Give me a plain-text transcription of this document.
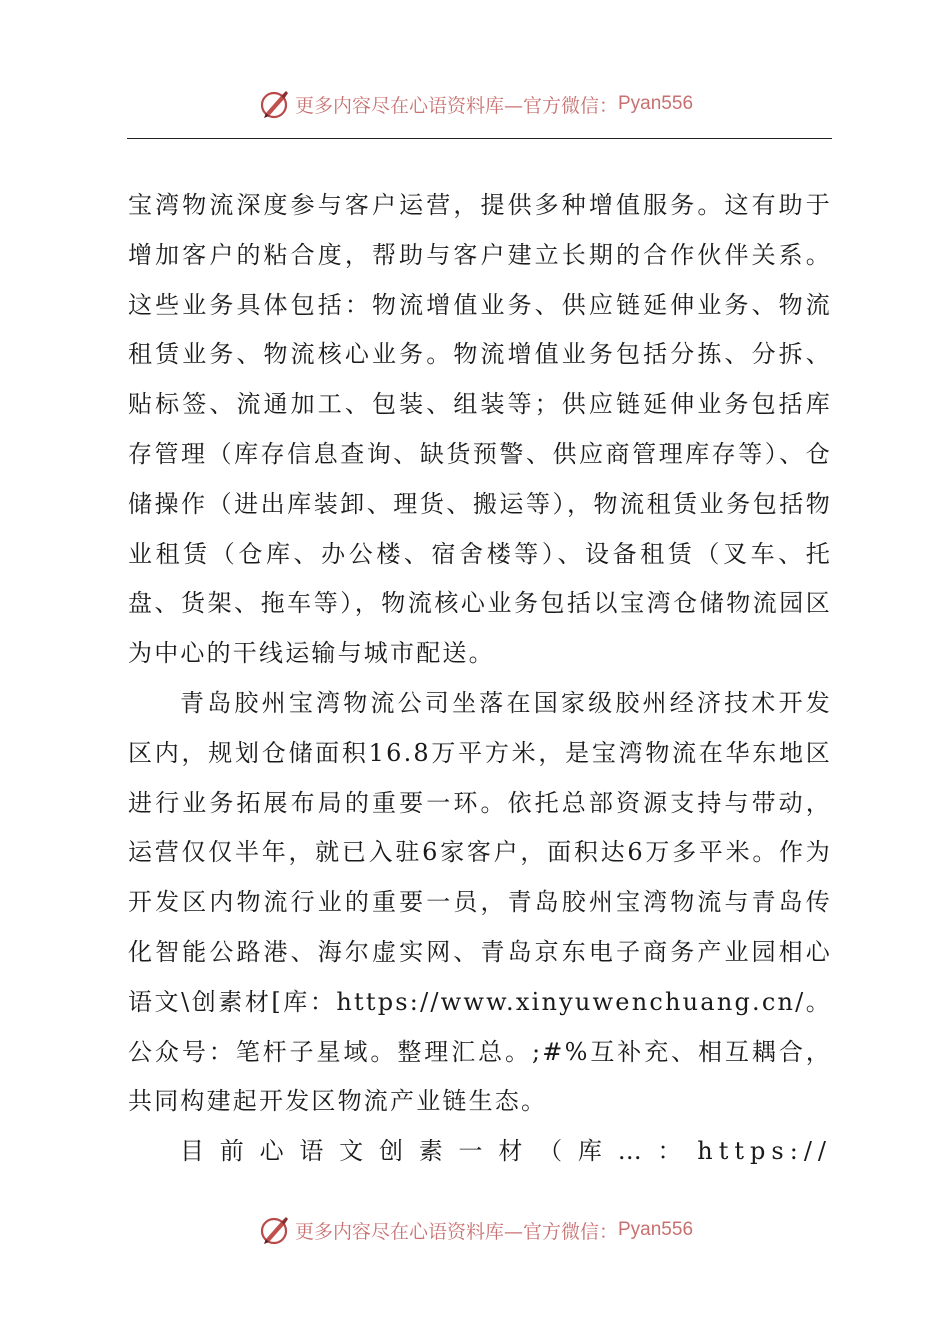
更多内容尽在心语资料库—官方微信： Pyan556

宝湾物流深度参与客户运营，提供多种增值服务。这有助于增加客户的粘合度，帮助与客户建立长期的合作伙伴关系。这些业务具体包括：物流增值业务、供应链延伸业务、物流租赁业务、物流核心业务。物流增值业务包括分拣、分拆、贴标签、流通加工、包装、组装等；供应链延伸业务包括库存管理（库存信息查询、缺货预警、供应商管理库存等）、仓储操作（进出库装卸、理货、搬运等），物流租赁业务包括物业租赁（仓库、办公楼、宿舍楼等）、设备租赁（叉车、托盘、货架、拖车等），物流核心业务包括以宝湾仓储物流园区为中心的干线运输与城市配送。

青岛胶州宝湾物流公司坐落在国家级胶州经济技术开发区内，规划仓储面积16.8万平方米，是宝湾物流在华东地区进行业务拓展布局的重要一环。依托总部资源支持与带动，运营仅仅半年，就已入驻6家客户，面积达6万多平米。作为开发区内物流行业的重要一员，青岛胶州宝湾物流与青岛传化智能公路港、海尔虚实网、青岛京东电子商务产业园相心语文\创素材[库：https://www.xinyuwenchuang.cn/。公众号：笔杆子星域。整理汇总。;#%互补充、相互耦合，共同构建起开发区物流产业链生态。

目前心语文创素一材（库…：https://

更多内容尽在心语资料库—官方微信： Pyan556
